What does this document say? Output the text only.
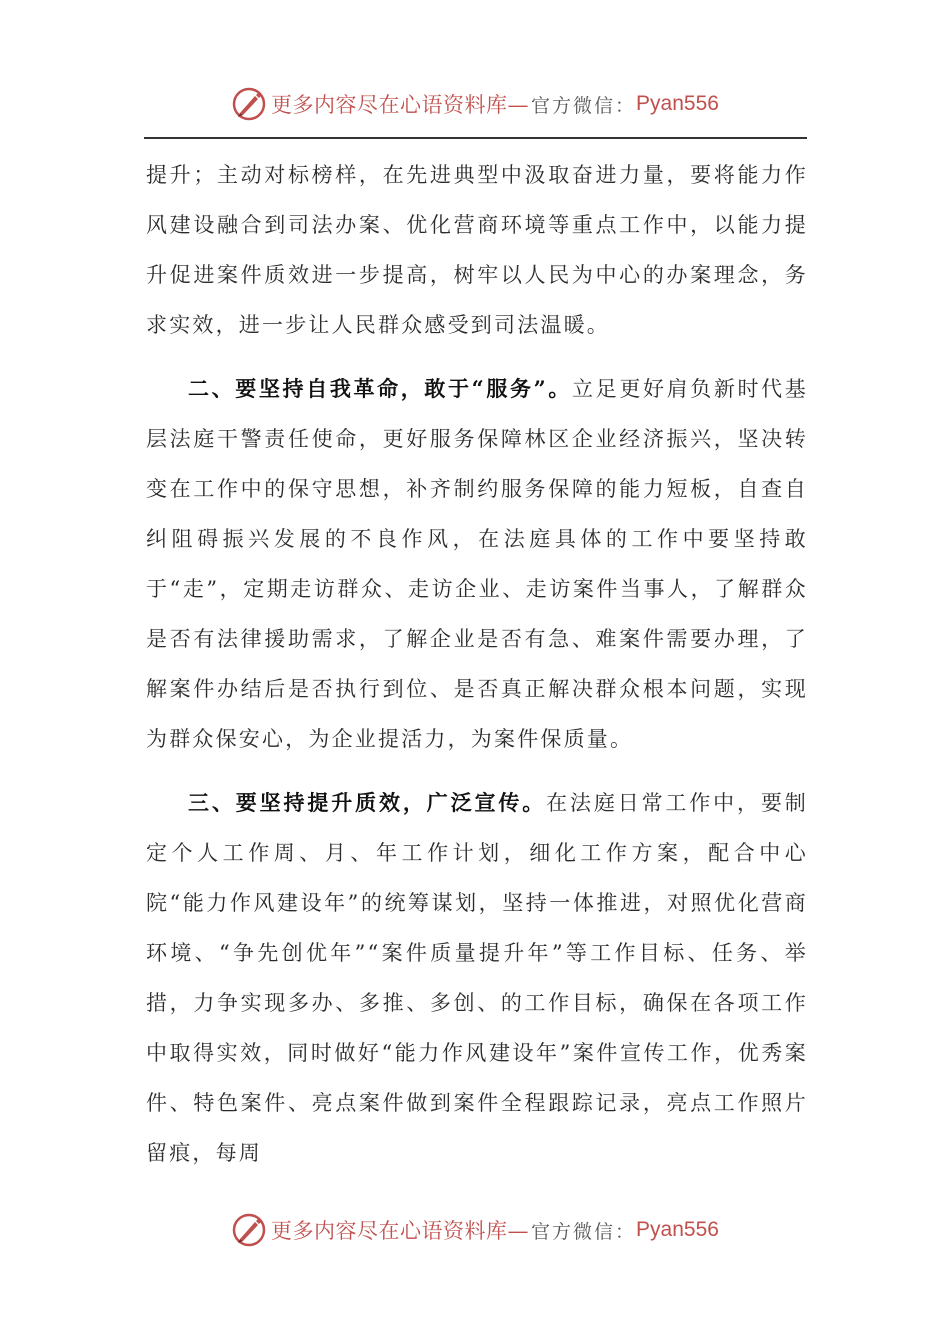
更多内容尽在心语资料库— 官方微信： Pyan556

提升；主动对标榜样，在先进典型中汲取奋进力量，要将能力作风建设融合到司法办案、优化营商环境等重点工作中，以能力提升促进案件质效进一步提高，树牢以人民为中心的办案理念，务求实效，进一步让人民群众感受到司法温暖。

二、要坚持自我革命，敢于“服务”。立足更好肩负新时代基层法庭干警责任使命，更好服务保障林区企业经济振兴，坚决转变在工作中的保守思想，补齐制约服务保障的能力短板，自查自纠阻碍振兴发展的不良作风，在法庭具体的工作中要坚持敢于“走”，定期走访群众、走访企业、走访案件当事人，了解群众是否有法律援助需求，了解企业是否有急、难案件需要办理，了解案件办结后是否执行到位、是否真正解决群众根本问题，实现为群众保安心，为企业提活力，为案件保质量。

三、要坚持提升质效，广泛宣传。在法庭日常工作中，要制定个人工作周、月、年工作计划，细化工作方案，配合中心院“能力作风建设年”的统筹谋划，坚持一体推进，对照优化营商环境、“争先创优年”“案件质量提升年”等工作目标、任务、举措，力争实现多办、多推、多创、的工作目标，确保在各项工作中取得实效，同时做好“能力作风建设年”案件宣传工作，优秀案件、特色案件、亮点案件做到案件全程跟踪记录，亮点工作照片留痕，每周

更多内容尽在心语资料库— 官方微信： Pyan556
